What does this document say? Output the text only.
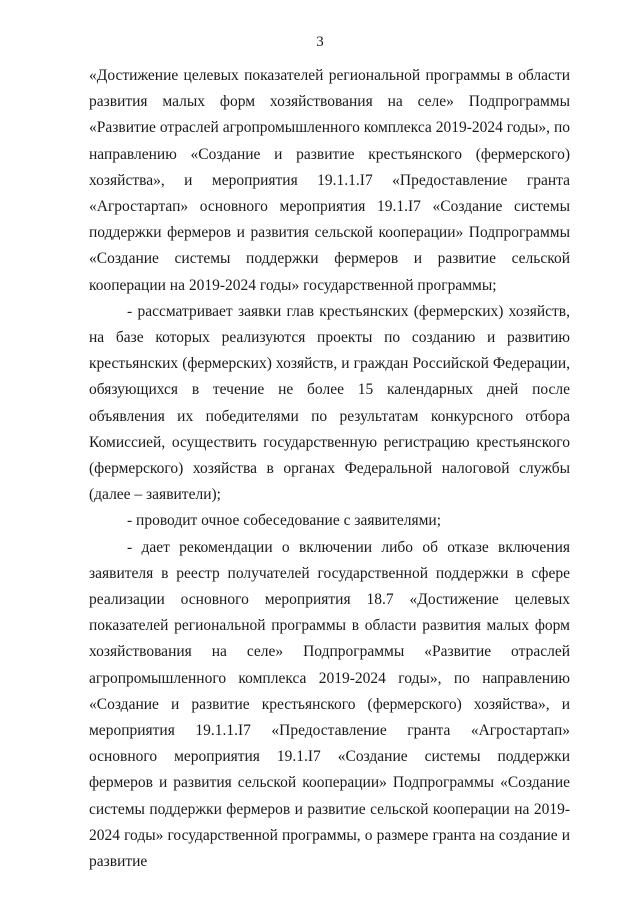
3

«Достижение целевых показателей региональной программы в области развития малых форм хозяйствования на селе» Подпрограммы «Развитие отраслей агропромышленного комплекса 2019-2024 годы», по направлению «Создание и развитие крестьянского (фермерского) хозяйства», и мероприятия 19.1.1.I7 «Предоставление гранта «Агростартап» основного мероприятия 19.1.I7 «Создание системы поддержки фермеров и развития сельской кооперации» Подпрограммы «Создание системы поддержки фермеров и развитие сельской кооперации на 2019-2024 годы» государственной программы;

- рассматривает заявки глав крестьянских (фермерских) хозяйств, на базе которых реализуются проекты по созданию и развитию крестьянских (фермерских) хозяйств, и граждан Российской Федерации, обязующихся в течение не более 15 календарных дней после объявления их победителями по результатам конкурсного отбора Комиссией, осуществить государственную регистрацию крестьянского (фермерского) хозяйства в органах Федеральной налоговой службы (далее – заявители);

- проводит очное собеседование с заявителями;

- дает рекомендации о включении либо об отказе включения заявителя в реестр получателей государственной поддержки в сфере реализации основного мероприятия 18.7 «Достижение целевых показателей региональной программы в области развития малых форм хозяйствования на селе» Подпрограммы «Развитие отраслей агропромышленного комплекса 2019-2024 годы», по направлению «Создание и развитие крестьянского (фермерского) хозяйства», и мероприятия 19.1.1.I7 «Предоставление гранта «Агростартап» основного мероприятия 19.1.I7 «Создание системы поддержки фермеров и развития сельской кооперации» Подпрограммы «Создание системы поддержки фермеров и развитие сельской кооперации на 2019-2024 годы» государственной программы, о размере гранта на создание и развитие
